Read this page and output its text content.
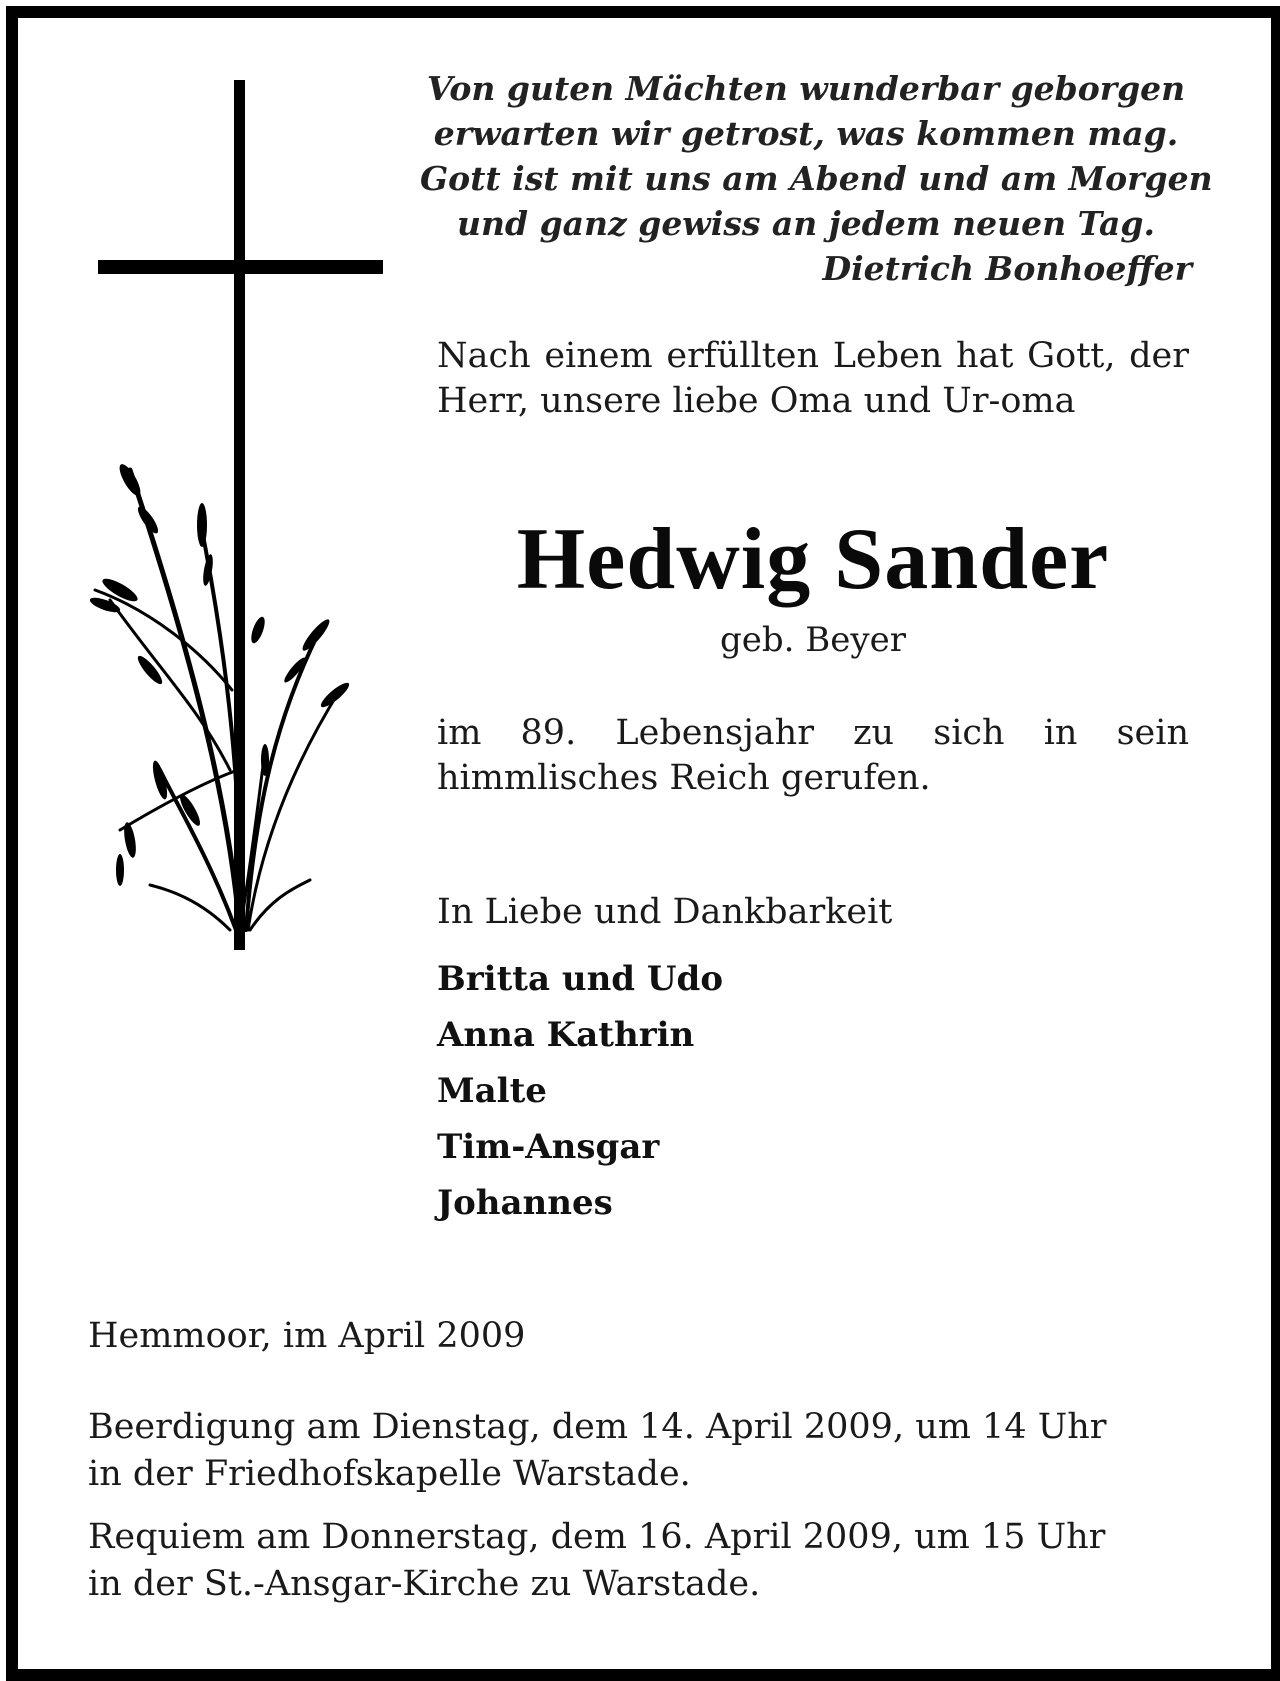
Von guten Mächten wunderbar geborgen
erwarten wir getrost, was kommen mag.
Gott ist mit uns am Abend und am Morgen
und ganz gewiss an jedem neuen Tag.
Dietrich Bonhoeffer
Nach einem erfüllten Leben hat Gott, der Herr, unsere liebe Oma und Ur-oma
Hedwig Sander
geb. Beyer
im 89. Lebensjahr zu sich in sein himmlisches Reich gerufen.
In Liebe und Dankbarkeit
Britta und Udo
Anna Kathrin
Malte
Tim-Ansgar
Johannes
Hemmoor, im April 2009
Beerdigung am Dienstag, dem 14. April 2009, um 14 Uhr
in der Friedhofskapelle Warstade.
Requiem am Donnerstag, dem 16. April 2009, um 15 Uhr
in der St.-Ansgar-Kirche zu Warstade.
